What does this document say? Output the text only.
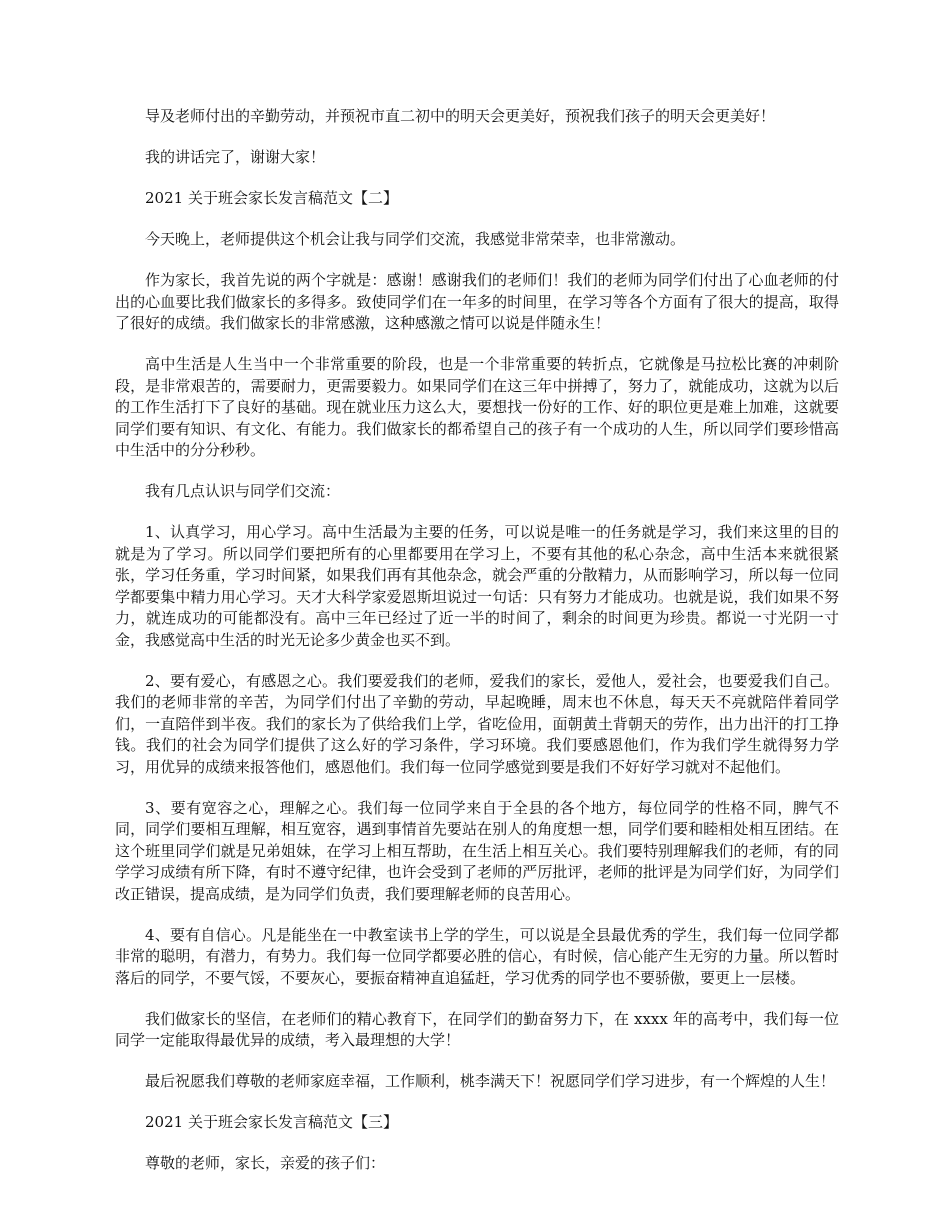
导及老师付出的辛勤劳动，并预祝市直二初中的明天会更美好，预祝我们孩子的明天会更美好！

我的讲话完了，谢谢大家！

2021 关于班会家长发言稿范文【二】

今天晚上，老师提供这个机会让我与同学们交流，我感觉非常荣幸，也非常激动。

作为家长，我首先说的两个字就是：感谢！感谢我们的老师们！我们的老师为同学们付出了心血老师的付出的心血要比我们做家长的多得多。致使同学们在一年多的时间里，在学习等各个方面有了很大的提高，取得了很好的成绩。我们做家长的非常感激，这种感激之情可以说是伴随永生！

高中生活是人生当中一个非常重要的阶段，也是一个非常重要的转折点，它就像是马拉松比赛的冲刺阶段，是非常艰苦的，需要耐力，更需要毅力。如果同学们在这三年中拼搏了，努力了，就能成功，这就为以后的工作生活打下了良好的基础。现在就业压力这么大，要想找一份好的工作、好的职位更是难上加难，这就要同学们要有知识、有文化、有能力。我们做家长的都希望自己的孩子有一个成功的人生，所以同学们要珍惜高中生活中的分分秒秒。

我有几点认识与同学们交流：

1、认真学习，用心学习。高中生活最为主要的任务，可以说是唯一的任务就是学习，我们来这里的目的就是为了学习。所以同学们要把所有的心里都要用在学习上，不要有其他的私心杂念，高中生活本来就很紧张，学习任务重，学习时间紧，如果我们再有其他杂念，就会严重的分散精力，从而影响学习，所以每一位同学都要集中精力用心学习。天才大科学家爱恩斯坦说过一句话：只有努力才能成功。也就是说，我们如果不努力，就连成功的可能都没有。高中三年已经过了近一半的时间了，剩余的时间更为珍贵。都说一寸光阴一寸金，我感觉高中生活的时光无论多少黄金也买不到。

2、要有爱心，有感恩之心。我们要爱我们的老师，爱我们的家长，爱他人，爱社会，也要爱我们自己。我们的老师非常的辛苦，为同学们付出了辛勤的劳动，早起晚睡，周末也不休息，每天天不亮就陪伴着同学们，一直陪伴到半夜。我们的家长为了供给我们上学，省吃俭用，面朝黄土背朝天的劳作，出力出汗的打工挣钱。我们的社会为同学们提供了这么好的学习条件，学习环境。我们要感恩他们，作为我们学生就得努力学习，用优异的成绩来报答他们，感恩他们。我们每一位同学感觉到要是我们不好好学习就对不起他们。

3、要有宽容之心，理解之心。我们每一位同学来自于全县的各个地方，每位同学的性格不同，脾气不同，同学们要相互理解，相互宽容，遇到事情首先要站在别人的角度想一想，同学们要和睦相处相互团结。在这个班里同学们就是兄弟姐妹，在学习上相互帮助，在生活上相互关心。我们要特别理解我们的老师，有的同学学习成绩有所下降，有时不遵守纪律，也许会受到了老师的严厉批评，老师的批评是为同学们好，为同学们改正错误，提高成绩，是为同学们负责，我们要理解老师的良苦用心。

4、要有自信心。凡是能坐在一中教室读书上学的学生，可以说是全县最优秀的学生，我们每一位同学都非常的聪明，有潜力，有势力。我们每一位同学都要必胜的信心，有时候，信心能产生无穷的力量。所以暂时落后的同学，不要气馁，不要灰心，要振奋精神直追猛赶，学习优秀的同学也不要骄傲，要更上一层楼。

我们做家长的坚信，在老师们的精心教育下，在同学们的勤奋努力下，在 xxxx 年的高考中，我们每一位同学一定能取得最优异的成绩，考入最理想的大学！

最后祝愿我们尊敬的老师家庭幸福，工作顺利，桃李满天下！祝愿同学们学习进步，有一个辉煌的人生！

2021 关于班会家长发言稿范文【三】

尊敬的老师，家长，亲爱的孩子们：
